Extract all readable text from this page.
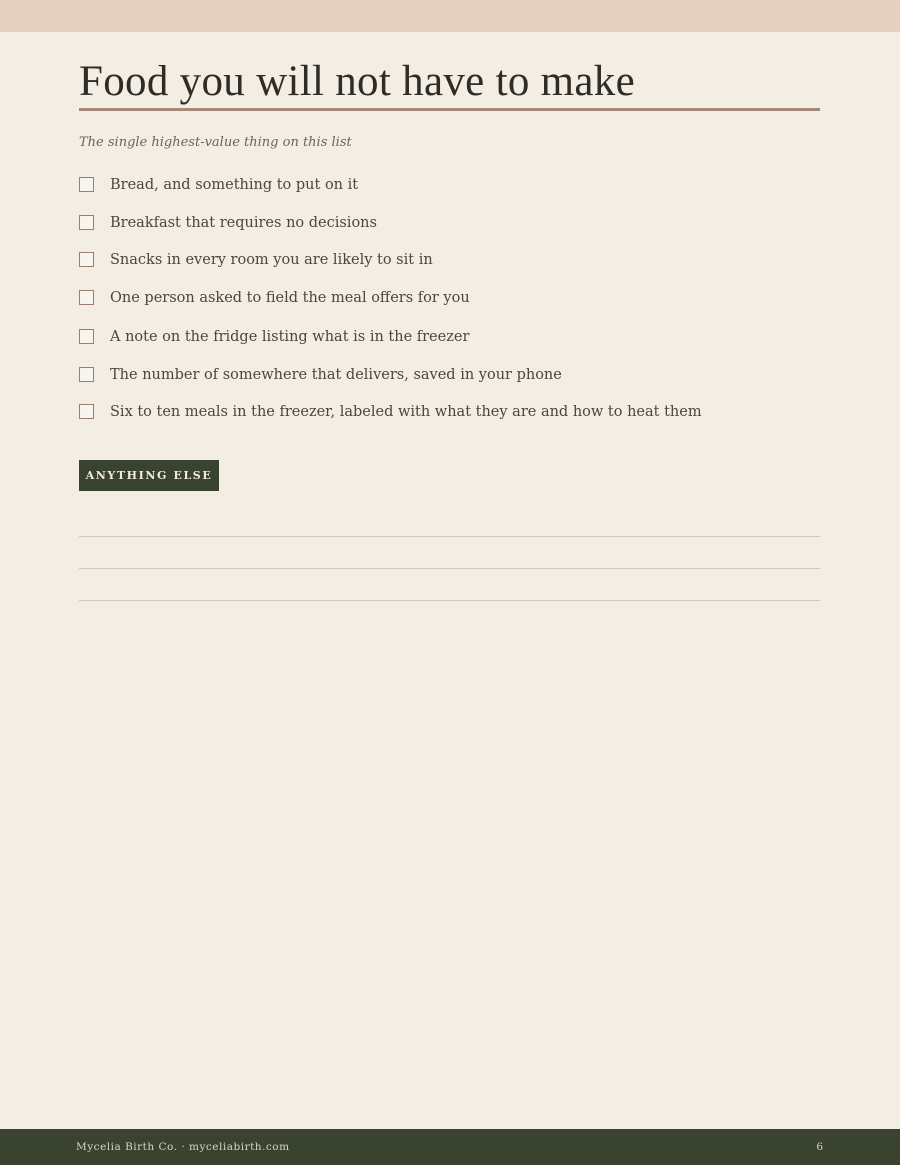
Food you will not have to make
The single highest-value thing on this list
Bread, and something to put on it
Breakfast that requires no decisions
Snacks in every room you are likely to sit in
One person asked to field the meal offers for you
A note on the fridge listing what is in the freezer
The number of somewhere that delivers, saved in your phone
Six to ten meals in the freezer, labeled with what they are and how to heat them
ANYTHING ELSE
Mycelia Birth Co. · myceliabirth.com	6
